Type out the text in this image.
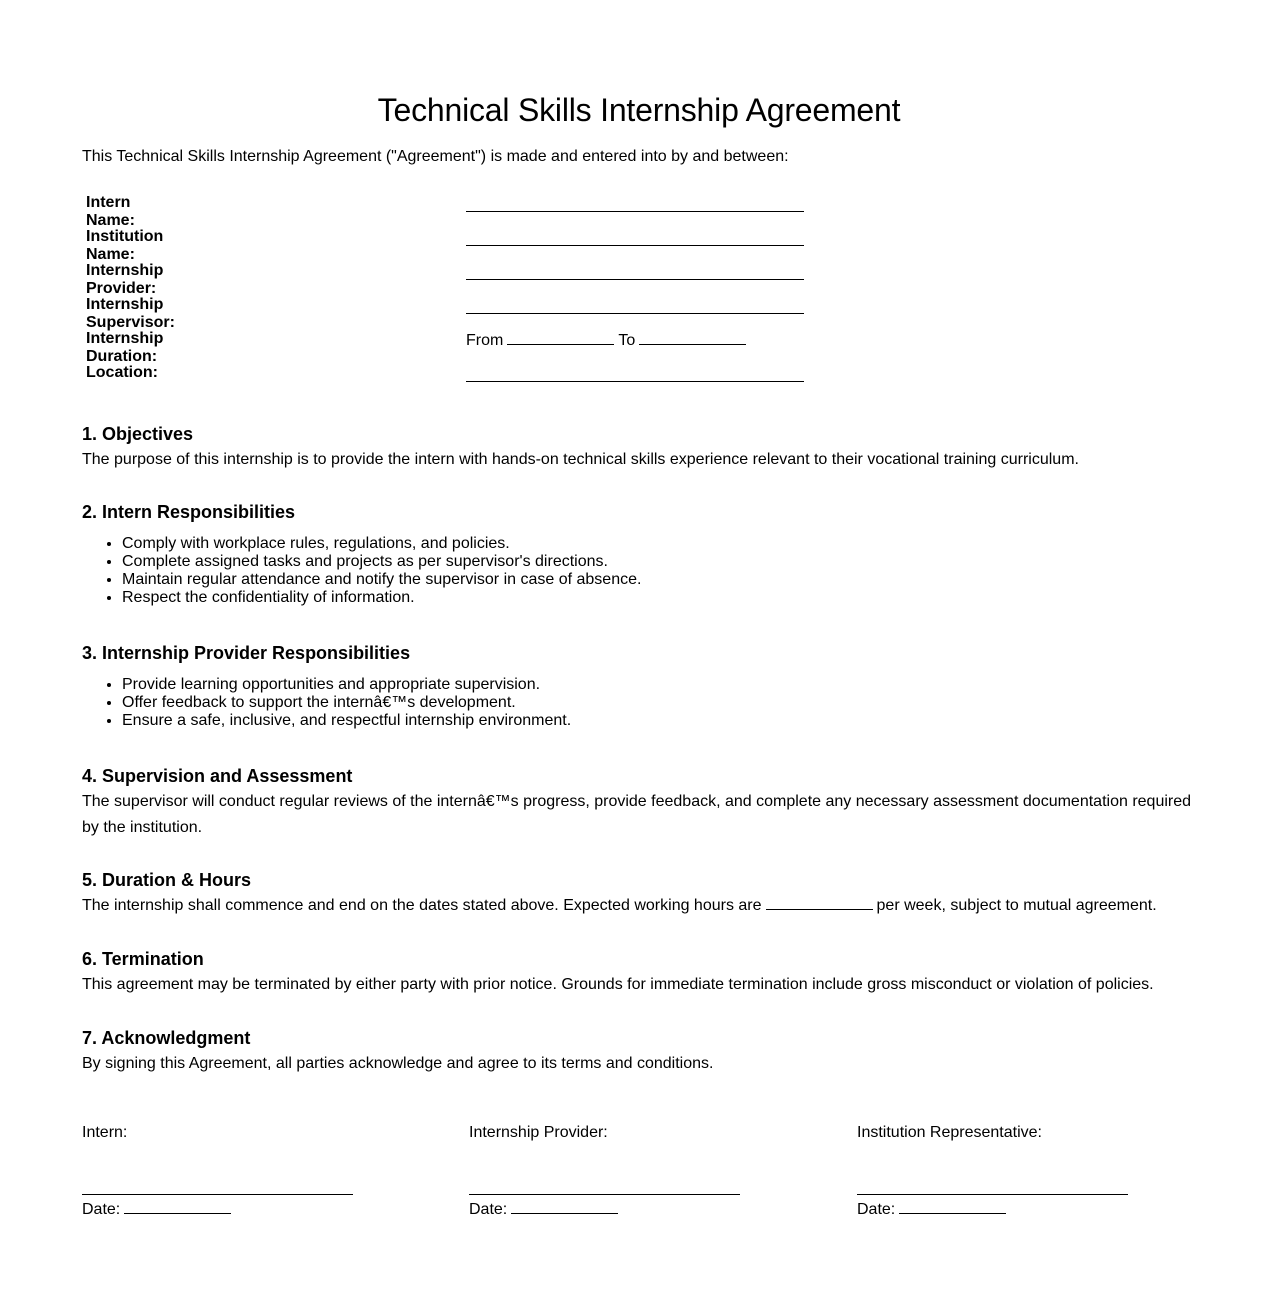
Technical Skills Internship Agreement

This Technical Skills Internship Agreement ("Agreement") is made and entered into by and between:

Intern Name:
Institution Name:
Internship Provider:
Internship Supervisor:
Internship Duration:
From	To
Location:
1. Objectives

The purpose of this internship is to provide the intern with hands-on technical skills experience relevant to their vocational training curriculum.

2. Intern Responsibilities
• Comply with workplace rules, regulations, and policies.
• Complete assigned tasks and projects as per supervisor's directions.
• Maintain regular attendance and notify the supervisor in case of absence.
• Respect the confidentiality of information.
3. Internship Provider Responsibilities
• Provide learning opportunities and appropriate supervision.
• Offer feedback to support the internâ€™s development.
• Ensure a safe, inclusive, and respectful internship environment.
4. Supervision and Assessment

The supervisor will conduct regular reviews of the internâ€™s progress, provide feedback, and complete any necessary assessment documentation required by the institution.

5. Duration & Hours

The internship shall commence and end on the dates stated above. Expected working hours are	per week, subject to mutual agreement.

6. Termination

This agreement may be terminated by either party with prior notice. Grounds for immediate termination include gross misconduct or violation of policies.

7. Acknowledgment

By signing this Agreement, all parties acknowledge and agree to its terms and conditions.

Intern:
Date:
Internship Provider:
Date:
Institution Representative:
Date:
